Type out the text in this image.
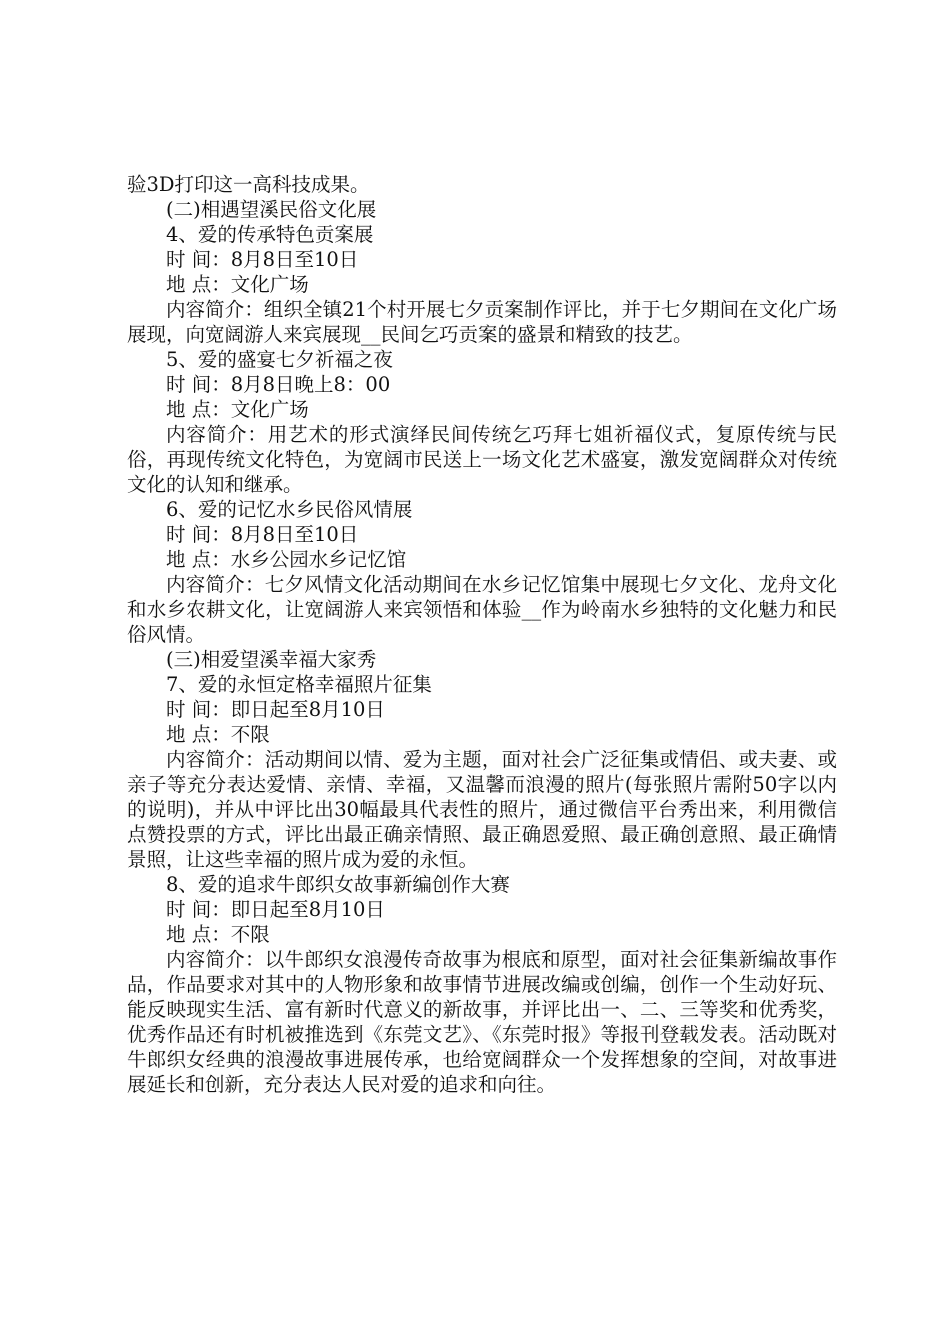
验3D打印这一高科技成果。

(二)相遇望溪民俗文化展

4、爱的传承特色贡案展

时 间：8月8日至10日

地 点：文化广场

内容简介：组织全镇21个村开展七夕贡案制作评比，并于七夕期间在文化广场展现，向宽阔游人来宾展现__民间乞巧贡案的盛景和精致的技艺。

5、爱的盛宴七夕祈福之夜

时 间：8月8日晚上8：00

地 点：文化广场

内容简介：用艺术的形式演绎民间传统乞巧拜七姐祈福仪式，复原传统与民俗，再现传统文化特色，为宽阔市民送上一场文化艺术盛宴，激发宽阔群众对传统文化的认知和继承。

6、爱的记忆水乡民俗风情展

时 间：8月8日至10日

地 点：水乡公园水乡记忆馆

内容简介：七夕风情文化活动期间在水乡记忆馆集中展现七夕文化、龙舟文化和水乡农耕文化，让宽阔游人来宾领悟和体验__作为岭南水乡独特的文化魅力和民俗风情。

(三)相爱望溪幸福大家秀

7、爱的永恒定格幸福照片征集

时 间：即日起至8月10日

地 点：不限

内容简介：活动期间以情、爱为主题，面对社会广泛征集或情侣、或夫妻、或亲子等充分表达爱情、亲情、幸福，又温馨而浪漫的照片(每张照片需附50字以内的说明)，并从中评比出30幅最具代表性的照片，通过微信平台秀出来，利用微信点赞投票的方式，评比出最正确亲情照、最正确恩爱照、最正确创意照、最正确情景照，让这些幸福的照片成为爱的永恒。

8、爱的追求牛郎织女故事新编创作大赛

时 间：即日起至8月10日

地 点：不限

内容简介：以牛郎织女浪漫传奇故事为根底和原型，面对社会征集新编故事作品，作品要求对其中的人物形象和故事情节进展改编或创编，创作一个生动好玩、能反映现实生活、富有新时代意义的新故事，并评比出一、二、三等奖和优秀奖，优秀作品还有时机被推选到《东莞文艺》、《东莞时报》等报刊登载发表。活动既对牛郎织女经典的浪漫故事进展传承，也给宽阔群众一个发挥想象的空间，对故事进展延长和创新，充分表达人民对爱的追求和向往。
